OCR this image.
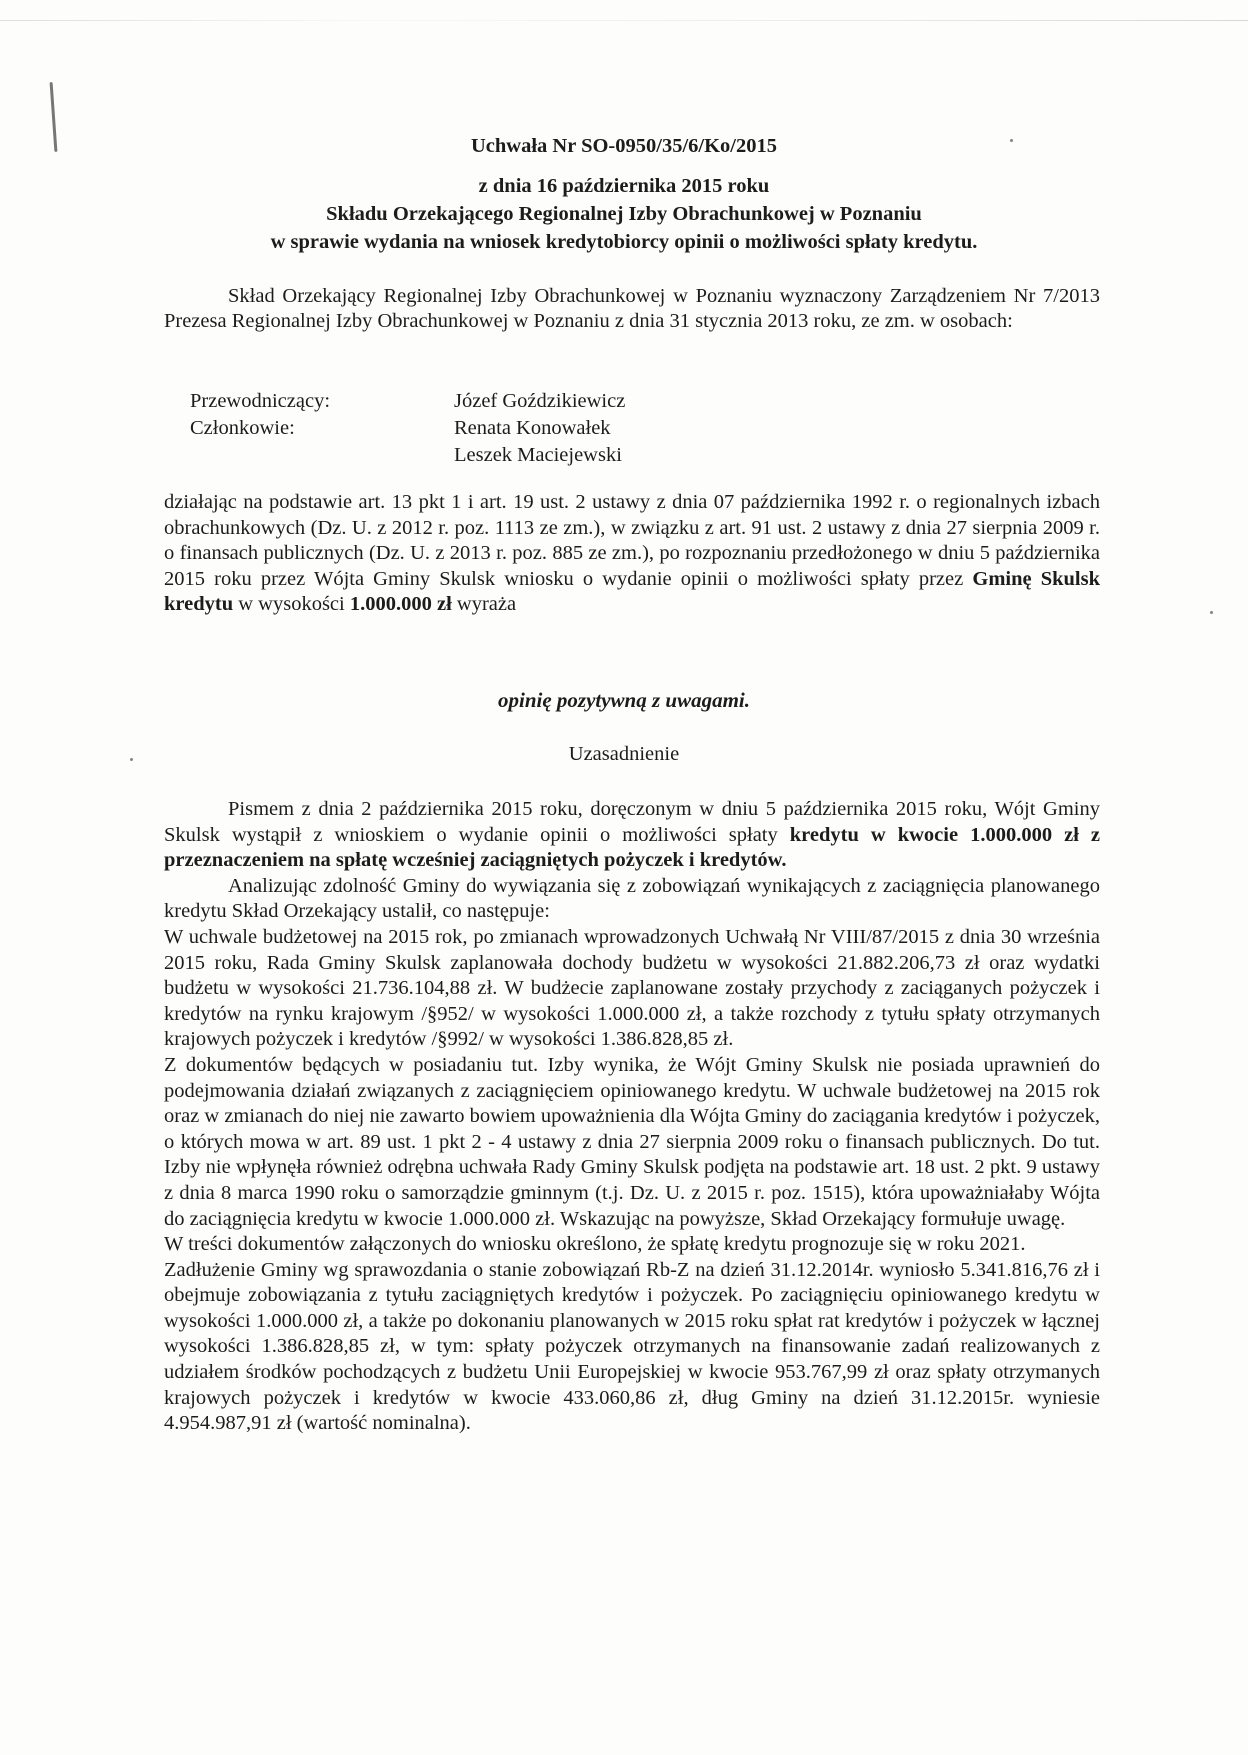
Uchwała Nr SO-0950/35/6/Ko/2015
z dnia 16 października 2015 roku
Składu Orzekającego Regionalnej Izby Obrachunkowej w Poznaniu
w sprawie wydania na wniosek kredytobiorcy opinii o możliwości spłaty kredytu.

Skład Orzekający Regionalnej Izby Obrachunkowej w Poznaniu wyznaczony Zarządzeniem Nr 7/2013 Prezesa Regionalnej Izby Obrachunkowej w Poznaniu z dnia 31 stycznia 2013 roku, ze zm. w osobach:

Przewodniczący:	Józef Goździkiewicz
Członkowie:	Renata Konowałek
Leszek Maciejewski

działając na podstawie art. 13 pkt 1 i art. 19 ust. 2 ustawy z dnia 07 października 1992 r. o regionalnych izbach obrachunkowych (Dz. U. z 2012 r. poz. 1113 ze zm.), w związku z art. 91 ust. 2 ustawy z dnia 27 sierpnia 2009 r. o finansach publicznych (Dz. U. z 2013 r. poz. 885 ze zm.), po rozpoznaniu przedłożonego w dniu 5 października 2015 roku przez Wójta Gminy Skulsk wniosku o wydanie opinii o możliwości spłaty przez Gminę Skulsk kredytu w wysokości 1.000.000 zł wyraża

opinię pozytywną z uwagami.
Uzasadnienie

Pismem z dnia 2 października 2015 roku, doręczonym w dniu 5 października 2015 roku, Wójt Gminy Skulsk wystąpił z wnioskiem o wydanie opinii o możliwości spłaty kredytu w kwocie 1.000.000 zł z przeznaczeniem na spłatę wcześniej zaciągniętych pożyczek i kredytów.

Analizując zdolność Gminy do wywiązania się z zobowiązań wynikających z zaciągnięcia planowanego kredytu Skład Orzekający ustalił, co następuje:

W uchwale budżetowej na 2015 rok, po zmianach wprowadzonych Uchwałą Nr VIII/87/2015 z dnia 30 września 2015 roku, Rada Gminy Skulsk zaplanowała dochody budżetu w wysokości 21.882.206,73 zł oraz wydatki budżetu w wysokości 21.736.104,88 zł. W budżecie zaplanowane zostały przychody z zaciąganych pożyczek i kredytów na rynku krajowym /§952/ w wysokości 1.000.000 zł, a także rozchody z tytułu spłaty otrzymanych krajowych pożyczek i kredytów /§992/ w wysokości 1.386.828,85 zł.

Z dokumentów będących w posiadaniu tut. Izby wynika, że Wójt Gminy Skulsk nie posiada uprawnień do podejmowania działań związanych z zaciągnięciem opiniowanego kredytu. W uchwale budżetowej na 2015 rok oraz w zmianach do niej nie zawarto bowiem upoważnienia dla Wójta Gminy do zaciągania kredytów i pożyczek, o których mowa w art. 89 ust. 1 pkt 2 - 4 ustawy z dnia 27 sierpnia 2009 roku o finansach publicznych. Do tut. Izby nie wpłynęła również odrębna uchwała Rady Gminy Skulsk podjęta na podstawie art. 18 ust. 2 pkt. 9 ustawy z dnia 8 marca 1990 roku o samorządzie gminnym (t.j. Dz. U. z 2015 r. poz. 1515), która upoważniałaby Wójta do zaciągnięcia kredytu w kwocie 1.000.000 zł. Wskazując na powyższe, Skład Orzekający formułuje uwagę.

W treści dokumentów załączonych do wniosku określono, że spłatę kredytu prognozuje się w roku 2021.

Zadłużenie Gminy wg sprawozdania o stanie zobowiązań Rb-Z na dzień 31.12.2014r. wyniosło 5.341.816,76 zł i obejmuje zobowiązania z tytułu zaciągniętych kredytów i pożyczek. Po zaciągnięciu opiniowanego kredytu w wysokości 1.000.000 zł, a także po dokonaniu planowanych w 2015 roku spłat rat kredytów i pożyczek w łącznej wysokości 1.386.828,85 zł, w tym: spłaty pożyczek otrzymanych na finansowanie zadań realizowanych z udziałem środków pochodzących z budżetu Unii Europejskiej w kwocie 953.767,99 zł oraz spłaty otrzymanych krajowych pożyczek i kredytów w kwocie 433.060,86 zł, dług Gminy na dzień 31.12.2015r. wyniesie 4.954.987,91 zł (wartość nominalna).
